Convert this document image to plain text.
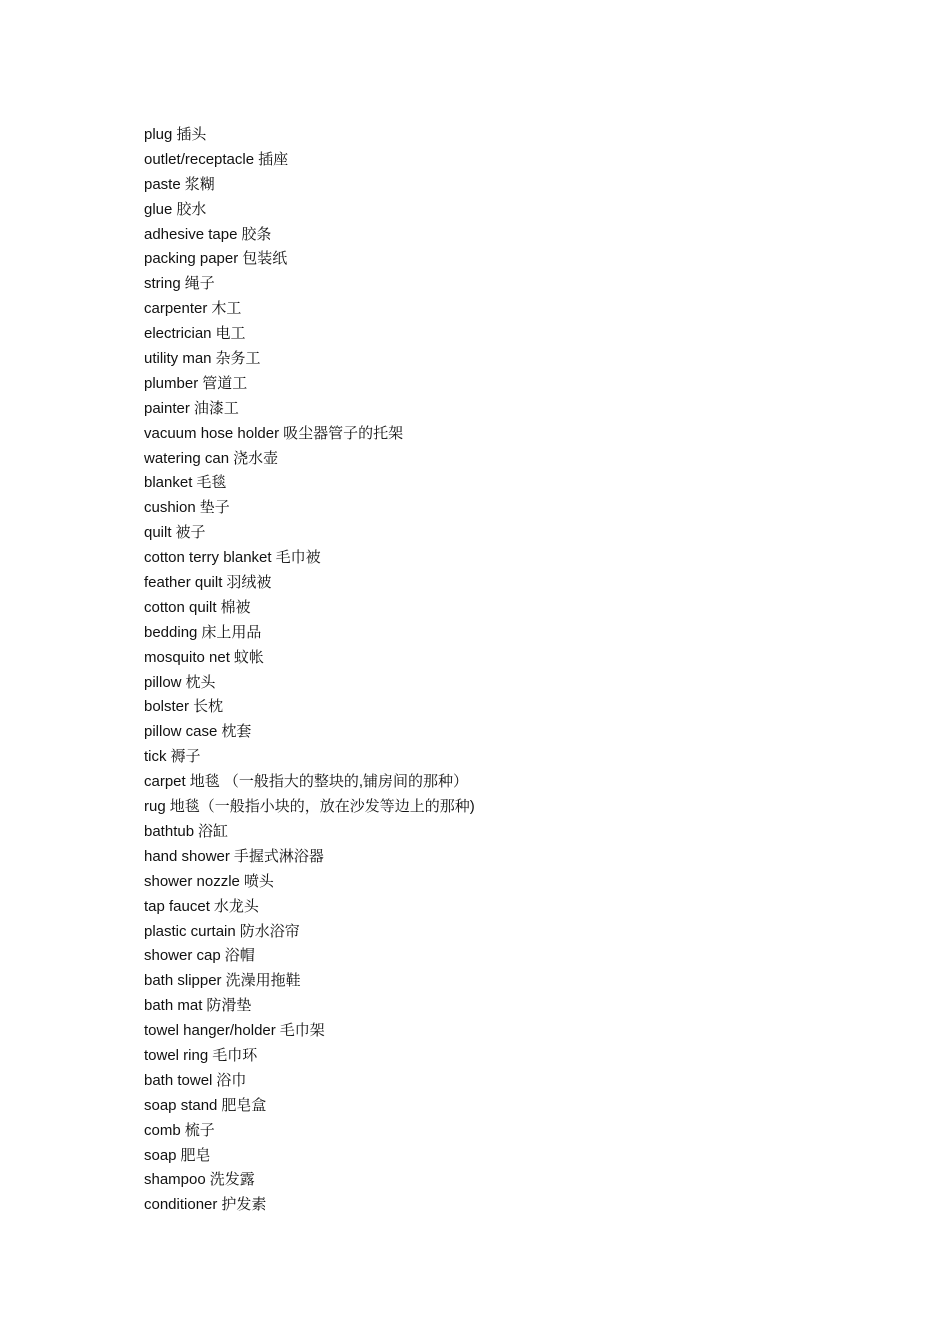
plug 插头
outlet/receptacle 插座
paste 浆糊
glue 胶水
adhesive tape 胶条
packing paper 包装纸
string 绳子
carpenter 木工
electrician 电工
utility man 杂务工
plumber 管道工
painter 油漆工
vacuum hose holder 吸尘器管子的托架
watering can 浇水壶
blanket 毛毯
cushion 垫子
quilt 被子
cotton terry blanket 毛巾被
feather quilt 羽绒被
cotton quilt 棉被
bedding 床上用品
mosquito net 蚊帐
pillow 枕头
bolster 长枕
pillow case 枕套
tick 褥子
carpet 地毯 （一般指大的整块的,铺房间的那种）
rug 地毯（一般指小块的，放在沙发等边上的那种)
bathtub 浴缸
hand shower 手握式淋浴器
shower nozzle 喷头
tap faucet 水龙头
plastic curtain 防水浴帘
shower cap 浴帽
bath slipper 洗澡用拖鞋
bath mat 防滑垫
towel hanger/holder 毛巾架
towel ring 毛巾环
bath towel 浴巾
soap stand 肥皂盒
comb 梳子
soap 肥皂
shampoo 洗发露
conditioner 护发素
